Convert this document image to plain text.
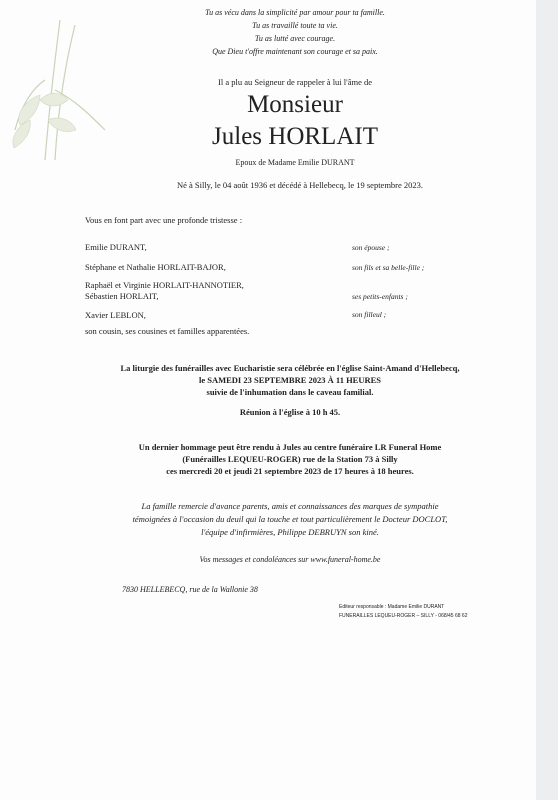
Tu as vécu dans la simplicité par amour pour ta famille.
Tu as travaillé toute ta vie.
Tu as lutté avec courage.
Que Dieu t'offre maintenant son courage et sa paix.
Il a plu au Seigneur de rappeler à lui l'âme de
Monsieur
Jules HORLAIT
Epoux de Madame Emilie DURANT
Né à Silly, le 04 août 1936 et décédé à Hellebecq, le 19 septembre 2023.
Vous en font part avec une profonde tristesse :
Emilie DURANT,	son épouse ;
Stéphane et Nathalie HORLAIT-BAJOR,	son fils et sa belle-fille ;
Raphaël et Virginie HORLAIT-HANNOTIER,
Sébastien HORLAIT,	ses petits-enfants ;
Xavier LEBLON,	son filleul ;
son cousin, ses cousines et familles apparentées.
La liturgie des funérailles avec Eucharistie sera célébrée en l'église Saint-Amand d'Hellebecq,
le SAMEDI 23 SEPTEMBRE 2023 À 11 HEURES
suivie de l'inhumation dans le caveau familial.
Réunion à l'église à 10 h 45.
Un dernier hommage peut être rendu à Jules au centre funéraire LR Funeral Home
(Funérailles LEQUEU-ROGER) rue de la Station 73 à Silly
ces mercredi 20 et jeudi 21 septembre 2023 de 17 heures à 18 heures.
La famille remercie d'avance parents, amis et connaissances des marques de sympathie
témoignées à l'occasion du deuil qui la touche et tout particulièrement le Docteur DOCLOT,
l'équipe d'infirmières, Philippe DEBRUYN son kiné.
Vos messages et condoléances sur www.funeral-home.be
7830 HELLEBECQ, rue de la Wallonie 38
Editeur responsable : Madame Emilie DURANT
FUNERAILLES LEQUEU-ROGER – SILLY - 068/45 68 62
